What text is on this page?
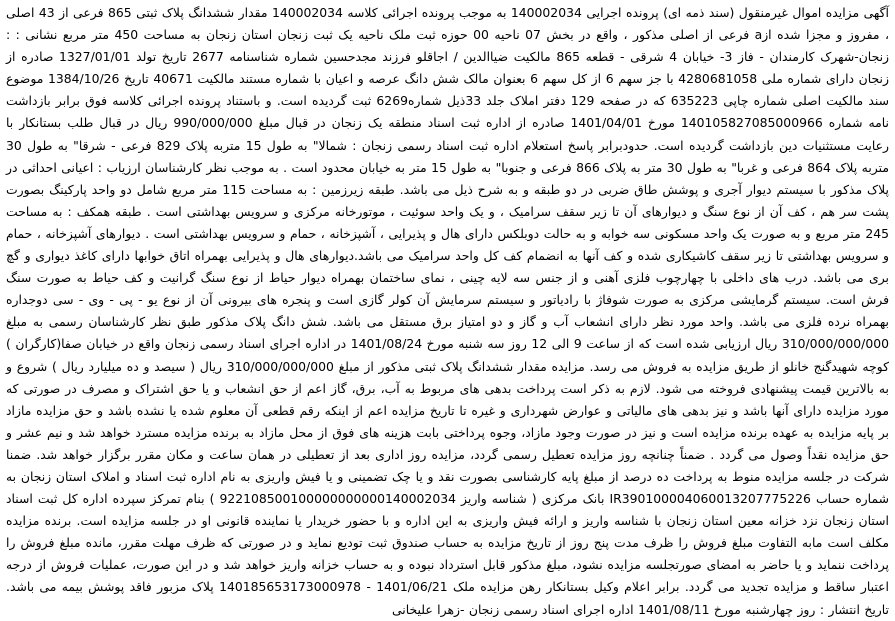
آگهی مزایده اموال غیرمنقول (سند ذمه ای) پرونده اجرایی 140002034 به موجب پرونده اجرائی کلاسه 140002034 مقدار ششدانگ پلاک ثبتی 865 فرعی از 43 اصلی ، مفروز و مجزا شده ازa فرعی از اصلی مذکور ، واقع در بخش 07 ناحیه 00 حوزه ثبت ملک ناحیه یک ثبت زنجان استان زنجان به مساحت 450 متر مربع نشانی : : زنجان-شهرک کارمندان - فاز 3- خیابان 4 شرقی - قطعه 865 مالکیت ضیاالدین / اجاقلو فرزند مجدحسین شماره شناسنامه 2677 تاریخ تولد 1327/01/01 صادره از زنجان دارای شماره ملی 4280681058 با جز سهم 6 از کل سهم 6 بعنوان مالک شش دانگ عرصه و اعیان با شماره مستند مالکیت 40671 تاریخ 1384/10/26 موضوع سند مالکیت اصلی شماره چاپی 635223 که در صفحه 129 دفتر املاک جلد 33ذیل شماره6269 ثبت گردیده است. و باستناد پرونده اجرائی کلاسه فوق برابر بازداشت نامه شماره 140105827085000966 مورخ 1401/04/01 صادره از اداره ثبت اسناد منطقه یک زنجان در قبال مبلغ 990/000/000 ریال در قبال طلب بستانکار با رعایت مستثنیات دین بازداشت گردیده است. حدودبرابر پاسخ استعلام اداره ثبت اسناد رسمی زنجان : شمالا" به طول 15 متربه پلاک 829 فرعی - شرقا" به طول 30 متربه پلاک 864 فرعی و غربا" به طول 30 متر به پلاک 866 فرعی و جنوبا" به طول 15 متر به خیابان محدود است . به موجب نظر کارشناسان ارزیاب : اعیانی احداثی در پلاک مذکور با سیستم دیوار آجری و پوشش طاق ضربی در دو طبقه و به شرح ذیل می باشد. طبقه زیرزمین : به مساحت 115 متر مربع شامل دو واحد پارکینگ بصورت پشت سر هم ، کف آن از نوع سنگ و دیوارهای آن تا زیر سقف سرامیک ، و یک واحد سوئیت ، موتورخانه مرکزی و سرویس بهداشتی است . طبقه همکف : به مساحت 245 متر مربع و به صورت یک واحد مسکونی سه خوابه و به حالت دوبلکس دارای هال و پذیرایی ، آشپزخانه ، حمام و سرویس بهداشتی است . دیوارهای آشپزخانه ، حمام و سرویس بهداشتی تا زیر سقف کاشیکاری شده و کف آنها به انضمام کف کل واحد سرامیک می باشد.دیوارهای هال و پذیرایی بهمراه اتاق خوابها دارای کاغذ دیواری و گچ بری می باشد. درب های داخلی با چهارچوب فلزی آهنی و از جنس سه لایه چینی ، نمای ساختمان بهمراه دیوار حیاط از نوع سنگ گرانیت و کف حیاط به صورت سنگ فرش است. سیستم گرمایشی مرکزی به صورت شوفاژ با رادیاتور و سیستم سرمایش آن کولر گازی است و پنجره های بیرونی آن از نوع یو - پی - وی - سی دوجداره بهمراه نرده فلزی می باشد. واحد مورد نظر دارای انشعاب آب و گاز و دو امتیاز برق مستقل می باشد. شش دانگ پلاک مذکور طبق نظر کارشناسان رسمی به مبلغ 310/000/000/000 ریال ارزیابی شده است که از ساعت 9 الی 12 روز سه شنبه مورخ 1401/08/24 در اداره اجرای اسناد رسمی زنجان واقع در خیابان صفا(کارگران ) کوچه شهیدگنج خانلو از طریق مزایده به فروش می رسد. مزایده مقدار ششدانگ پلاک ثبتی مذکور از مبلغ 310/000/000/000 ریال ( سیصد و ده میلیارد ریال ) شروع و به بالاترین قیمت پیشنهادی فروخته می شود. لازم به ذکر است پرداخت بدهی های مربوط به آب، برق، گاز اعم از حق انشعاب و یا حق اشتراک و مصرف در صورتی که مورد مزایده دارای آنها باشد و نیز بدهی های مالیاتی و عوارض شهرداری و غیره تا تاریخ مزایده اعم از اینکه رقم قطعی آن معلوم شده یا نشده باشد و حق مزایده مازاد بر پایه مزایده به عهده برنده مزایده است و نیز در صورت وجود مازاد، وجوه پرداختی بابت هزینه های فوق از محل مازاد به برنده مزایده مسترد خواهد شد و نیم عشر و حق مزایده نقداً وصول می گردد . ضمناً چنانچه روز مزایده تعطیل رسمی گردد، مزایده روز اداری بعد از تعطیلی در همان ساعت و مکان مقرر برگزار خواهد شد. ضمنا شرکت در جلسه مزایده منوط به پرداخت ده درصد از مبلغ پایه کارشناسی بصورت نقد و یا چک تضمینی و یا فیش واریزی به نام اداره ثبت اسناد و املاک استان زنجان به شماره حساب IR390100004060013207775226 بانک مرکزی ( شناسه واریز 922108500100000000000140002034 ) بنام تمرکز سپرده اداره کل ثبت اسناد استان زنجان نزد خزانه معین استان زنجان با شناسه واریز و ارائه فیش واریزی به این اداره و با حضور خریدار یا نماینده قانونی او در جلسه مزایده است. برنده مزایده مکلف است مابه التفاوت مبلغ فروش را ظرف مدت پنج روز از تاریخ مزایده به حساب صندوق ثبت تودیع نماید و در صورتی که ظرف مهلت مقرر، مانده مبلغ فروش را پرداخت ننماید و یا حاضر به امضای صورتجلسه مزایده نشود، مبلغ مذکور قابل استرداد نبوده و به حساب خزانه واریز خواهد شد و در این صورت، عملیات فروش از درجه اعتبار ساقط و مزایده تجدید می گردد. برابر اعلام وکیل بستانکار رهن مزایده ملک 1401/06/21 - 140185653173000978 پلاک مزبور فاقد پوشش بیمه می باشد. تاریخ انتشار : روز چهارشنبه مورخ 1401/08/11 اداره اجرای اسناد رسمی زنجان -زهرا علیخانی
